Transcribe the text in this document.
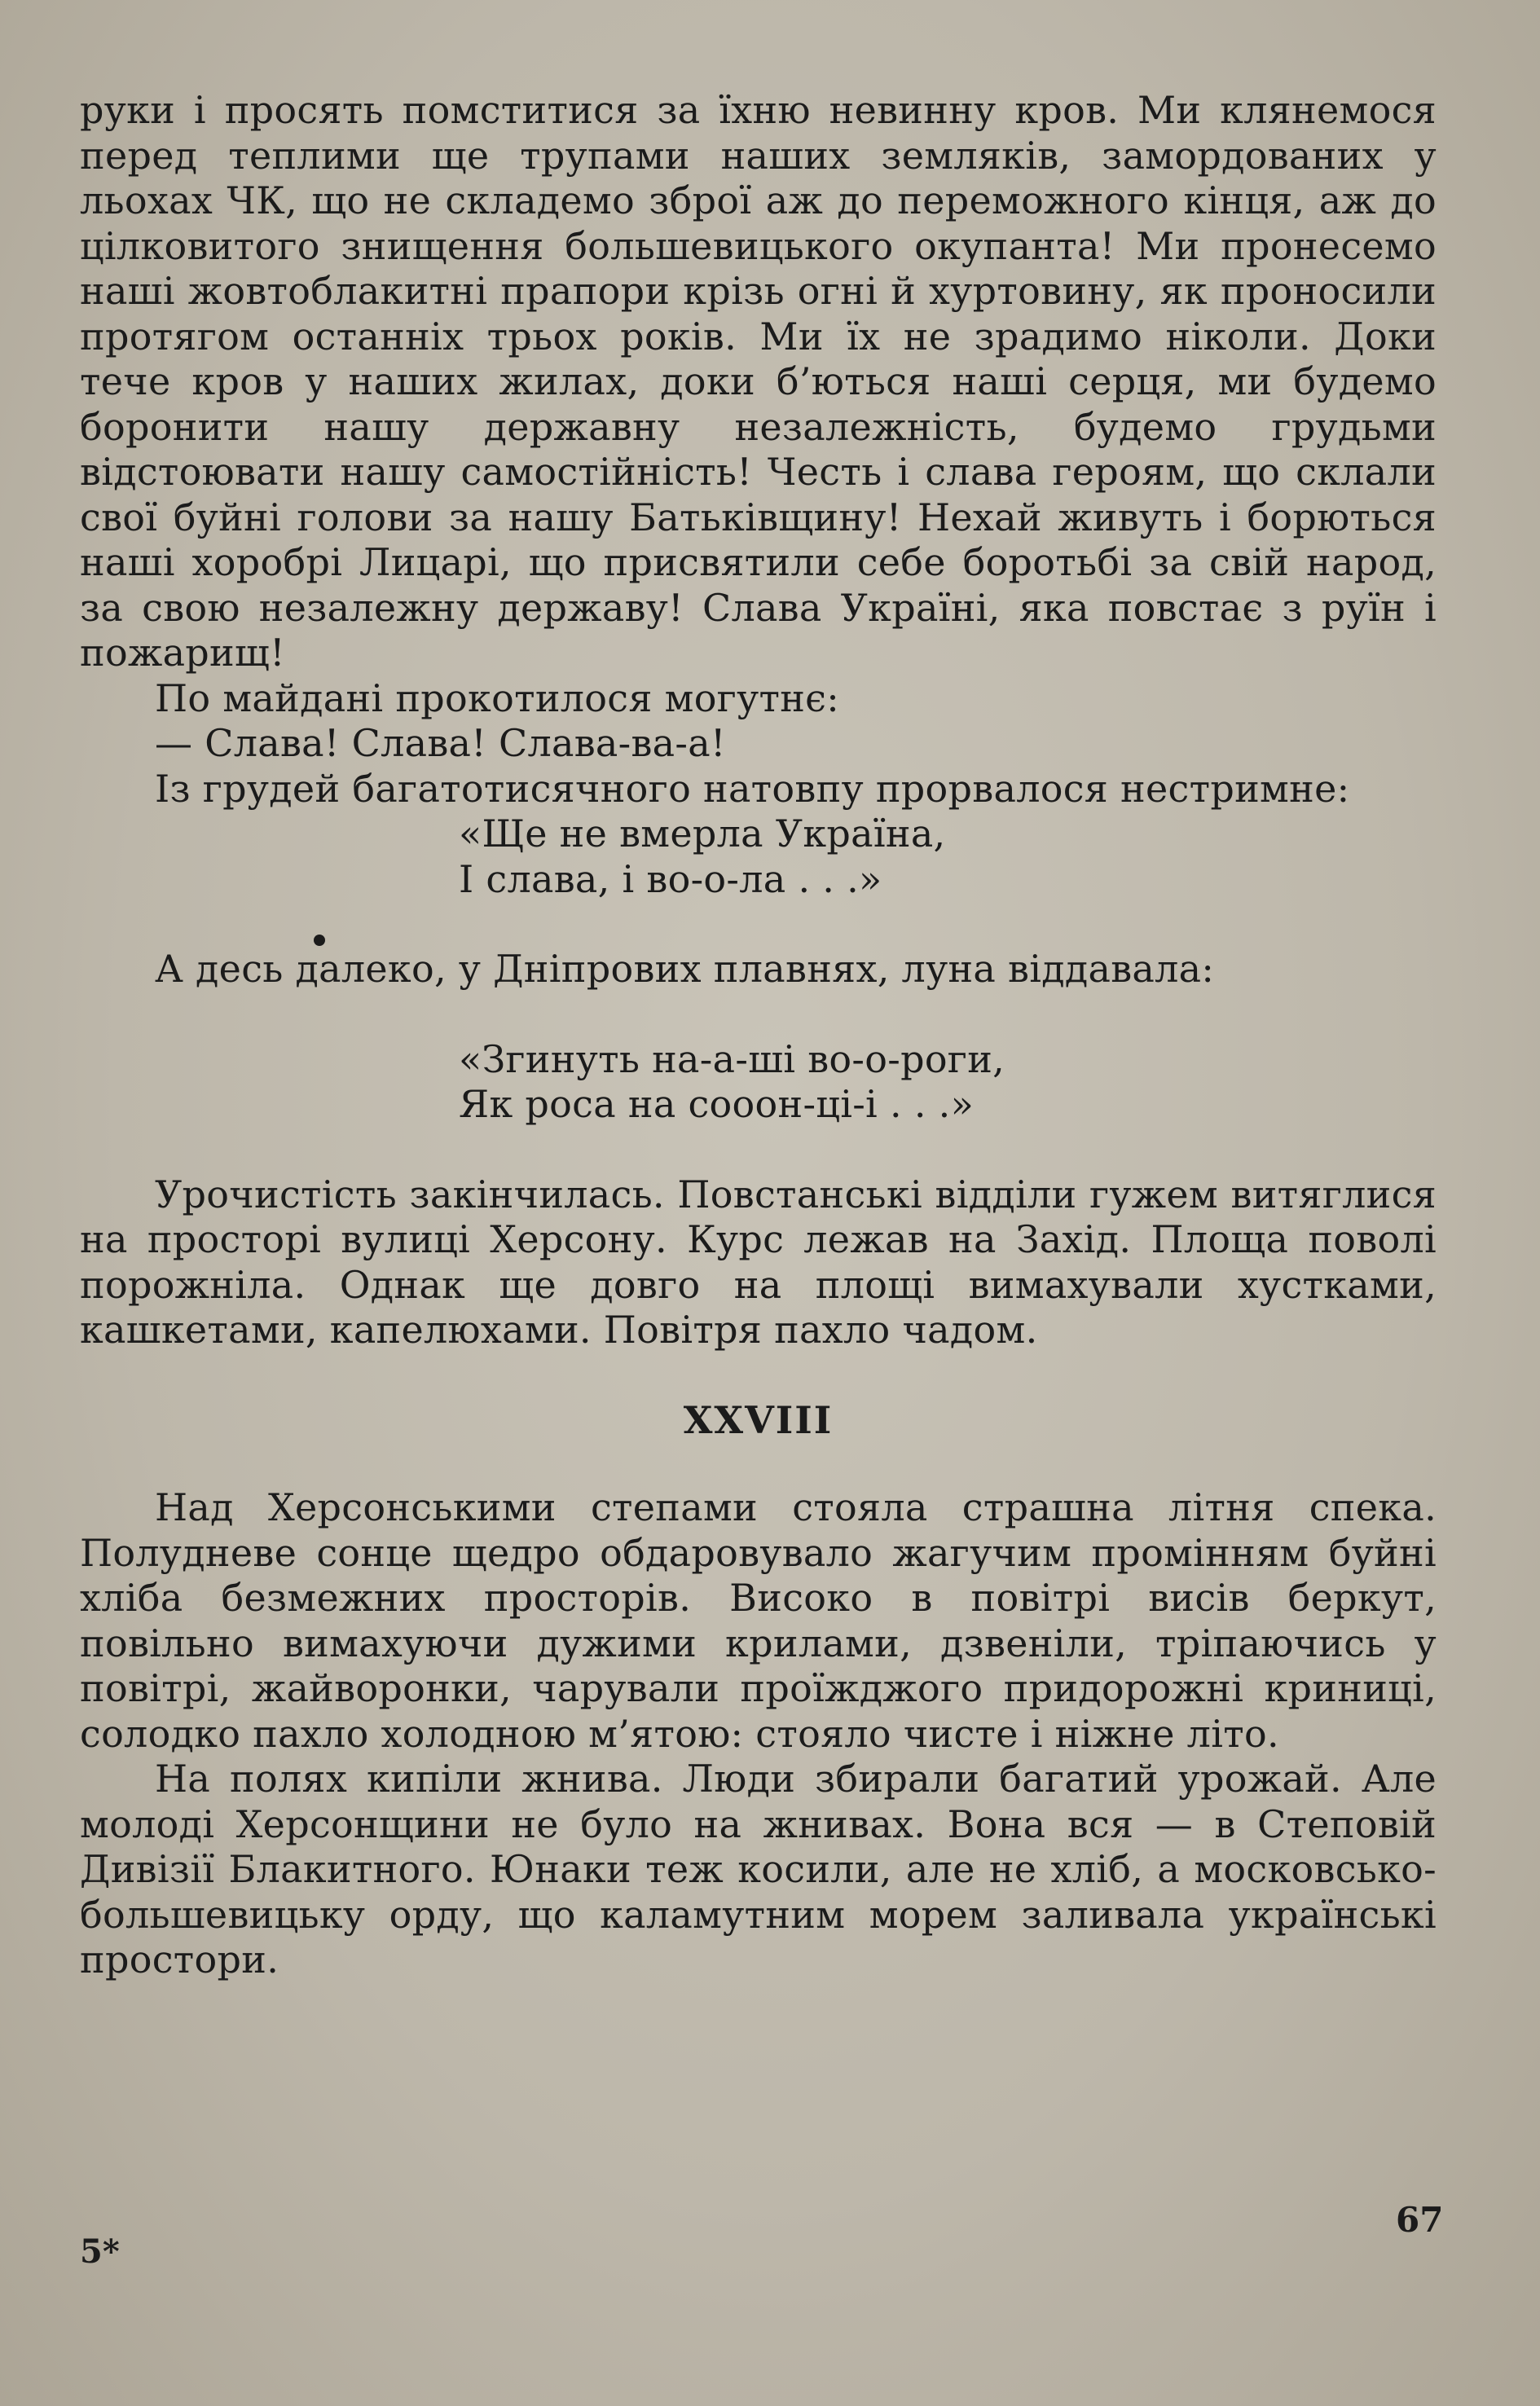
руки і просять помститися за їхню невинну кров. Ми клянемося перед теплими ще трупами наших земляків, замордованих у льохах ЧК, що не складемо зброї аж до переможного кінця, аж до цілковитого знищення большевицького окупанта! Ми пронесемо наші жовтоблакитні прапори крізь огні й хуртовину, як проносили протягом останніх трьох років. Ми їх не зрадимо ніколи. Доки тече кров у наших жилах, доки б’ються наші серця, ми будемо боронити нашу державну незалежність, будемо грудьми відстоювати нашу самостійність! Честь і слава героям, що склали свої буйні голови за нашу Батьківщину! Нехай живуть і борються наші хоробрі Лицарі, що присвятили себе боротьбі за свій народ, за свою незалежну державу! Слава Україні, яка повстає з руїн і пожарищ!

По майдані прокотилося могутнє:

— Слава! Слава! Слава-ва-а!

Із грудей багатотисячного натовпу прорвалося нестримне:

«Ще не вмерла Україна,
І слава, і во-о-ла . . .»

А десь далеко, у Дніпрових плавнях, луна віддавала:

«Згинуть на-а-ші во-о-роги,
Як роса на сооон-ці-і . . .»

Урочистість закінчилась. Повстанські відділи гужем витяглися на просторі вулиці Херсону. Курс лежав на Захід. Площа поволі порожніла. Однак ще довго на площі вимахували хустками, кашкетами, капелюхами. Повітря пахло чадом.

XXVIII

Над Херсонськими степами стояла страшна літня спека. Полудневе сонце щедро обдаровувало жагучим промінням буйні хліба безмежних просторів. Високо в повітрі висів беркут, повільно вимахуючи дужими крилами, дзвеніли, тріпаючись у повітрі, жайворонки, чарували проїжджого придорожні криниці, солодко пахло холодною м’ятою: стояло чисте і ніжне літо.

На полях кипіли жнива. Люди збирали багатий урожай. Але молоді Херсонщини не було на жнивах. Вона вся — в Степовій Дивізії Блакитного. Юнаки теж косили, але не хліб, а московсько-большевицьку орду, що каламутним морем заливала українські простори.

5*
67
